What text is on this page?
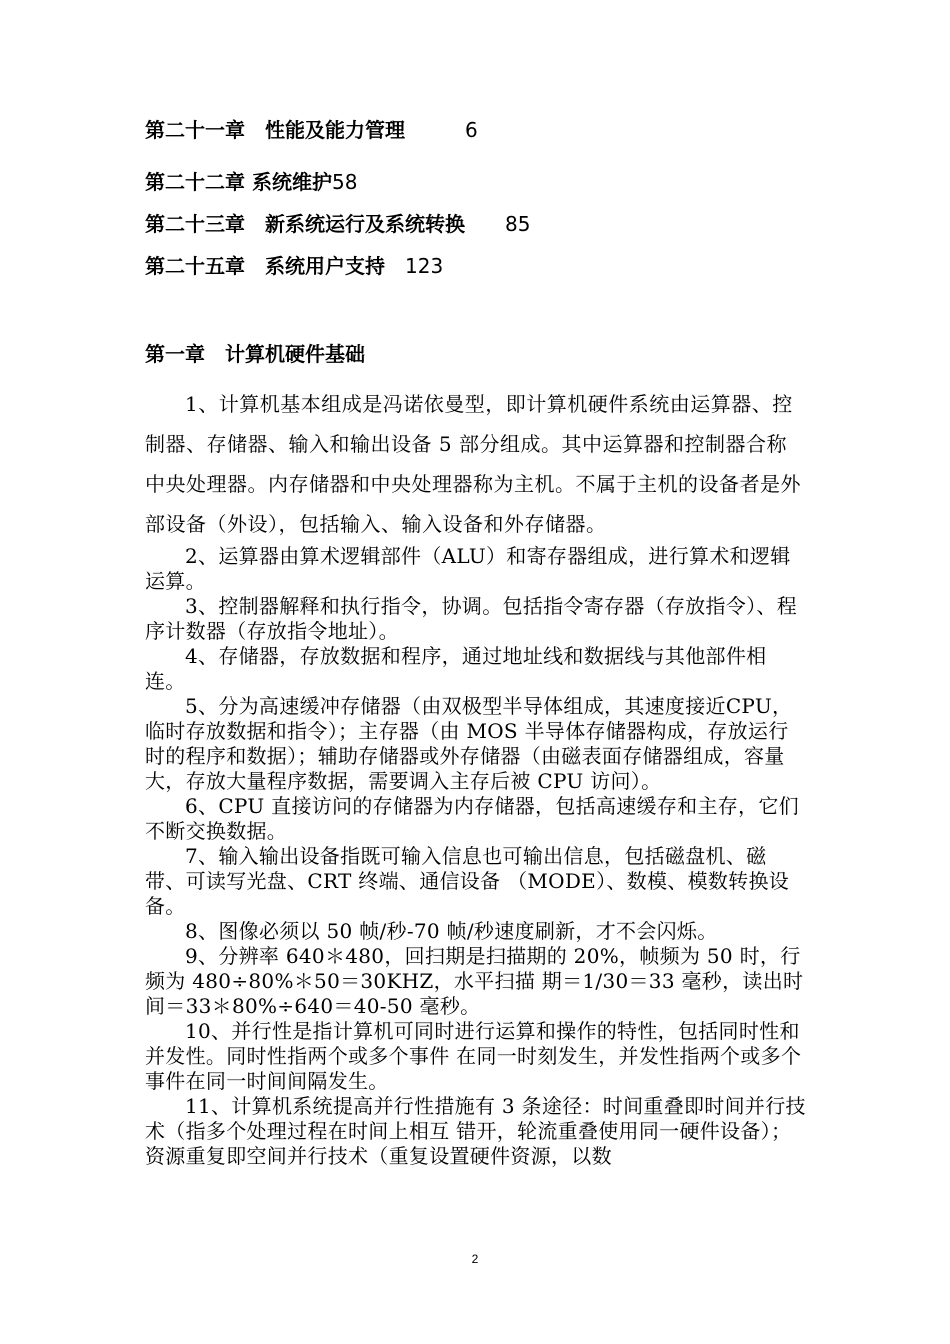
第二十一章　性能及能力管理　　　	6
第二十二章 系统维护58
第二十三章　新系统运行及系统转换　　 85
第二十五章　系统用户支持　 123
第一章　计算机硬件基础
1、计算机基本组成是冯诺依曼型，即计算机硬件系统由运算器、控制器、存储器、输入和输出设备 5 部分组成。其中运算器和控制器合称中央处理器。内存储器和中央处理器称为主机。不属于主机的设备者是外部设备（外设），包括输入、输入设备和外存储器。

2、运算器由算术逻辑部件（ALU）和寄存器组成，进行算术和逻辑运算。

3、控制器解释和执行指令，协调。包括指令寄存器（存放指令）、程序计数器（存放指令地址）。

4、存储器，存放数据和程序，通过地址线和数据线与其他部件相连。

5、分为高速缓冲存储器（由双极型半导体组成，其速度接近CPU，临时存放数据和指令）；主存器（由 MOS 半导体存储器构成，存放运行时的程序和数据）；辅助存储器或外存储器（由磁表面存储器组成，容量大，存放大量程序数据，需要调入主存后被 CPU 访问）。

6、CPU 直接访问的存储器为内存储器，包括高速缓存和主存，它们不断交换数据。

7、输入输出设备指既可输入信息也可输出信息，包括磁盘机、磁带、可读写光盘、CRT 终端、通信设备 （MODE）、数模、模数转换设备。

8、图像必须以 50 帧/秒-70 帧/秒速度刷新，才不会闪烁。

9、分辨率 640＊480，回扫期是扫描期的 20%，帧频为 50 时，行频为 480÷80%＊50＝30KHZ，水平扫描 期＝1/30＝33 毫秒，读出时间＝33＊80%÷640＝40-50 毫秒。

10、并行性是指计算机可同时进行运算和操作的特性，包括同时性和并发性。同时性指两个或多个事件 在同一时刻发生，并发性指两个或多个事件在同一时间间隔发生。

11、计算机系统提高并行性措施有 3 条途径：时间重叠即时间并行技术（指多个处理过程在时间上相互 错开，轮流重叠使用同一硬件设备）；资源重复即空间并行技术（重复设置硬件资源，以数

2
